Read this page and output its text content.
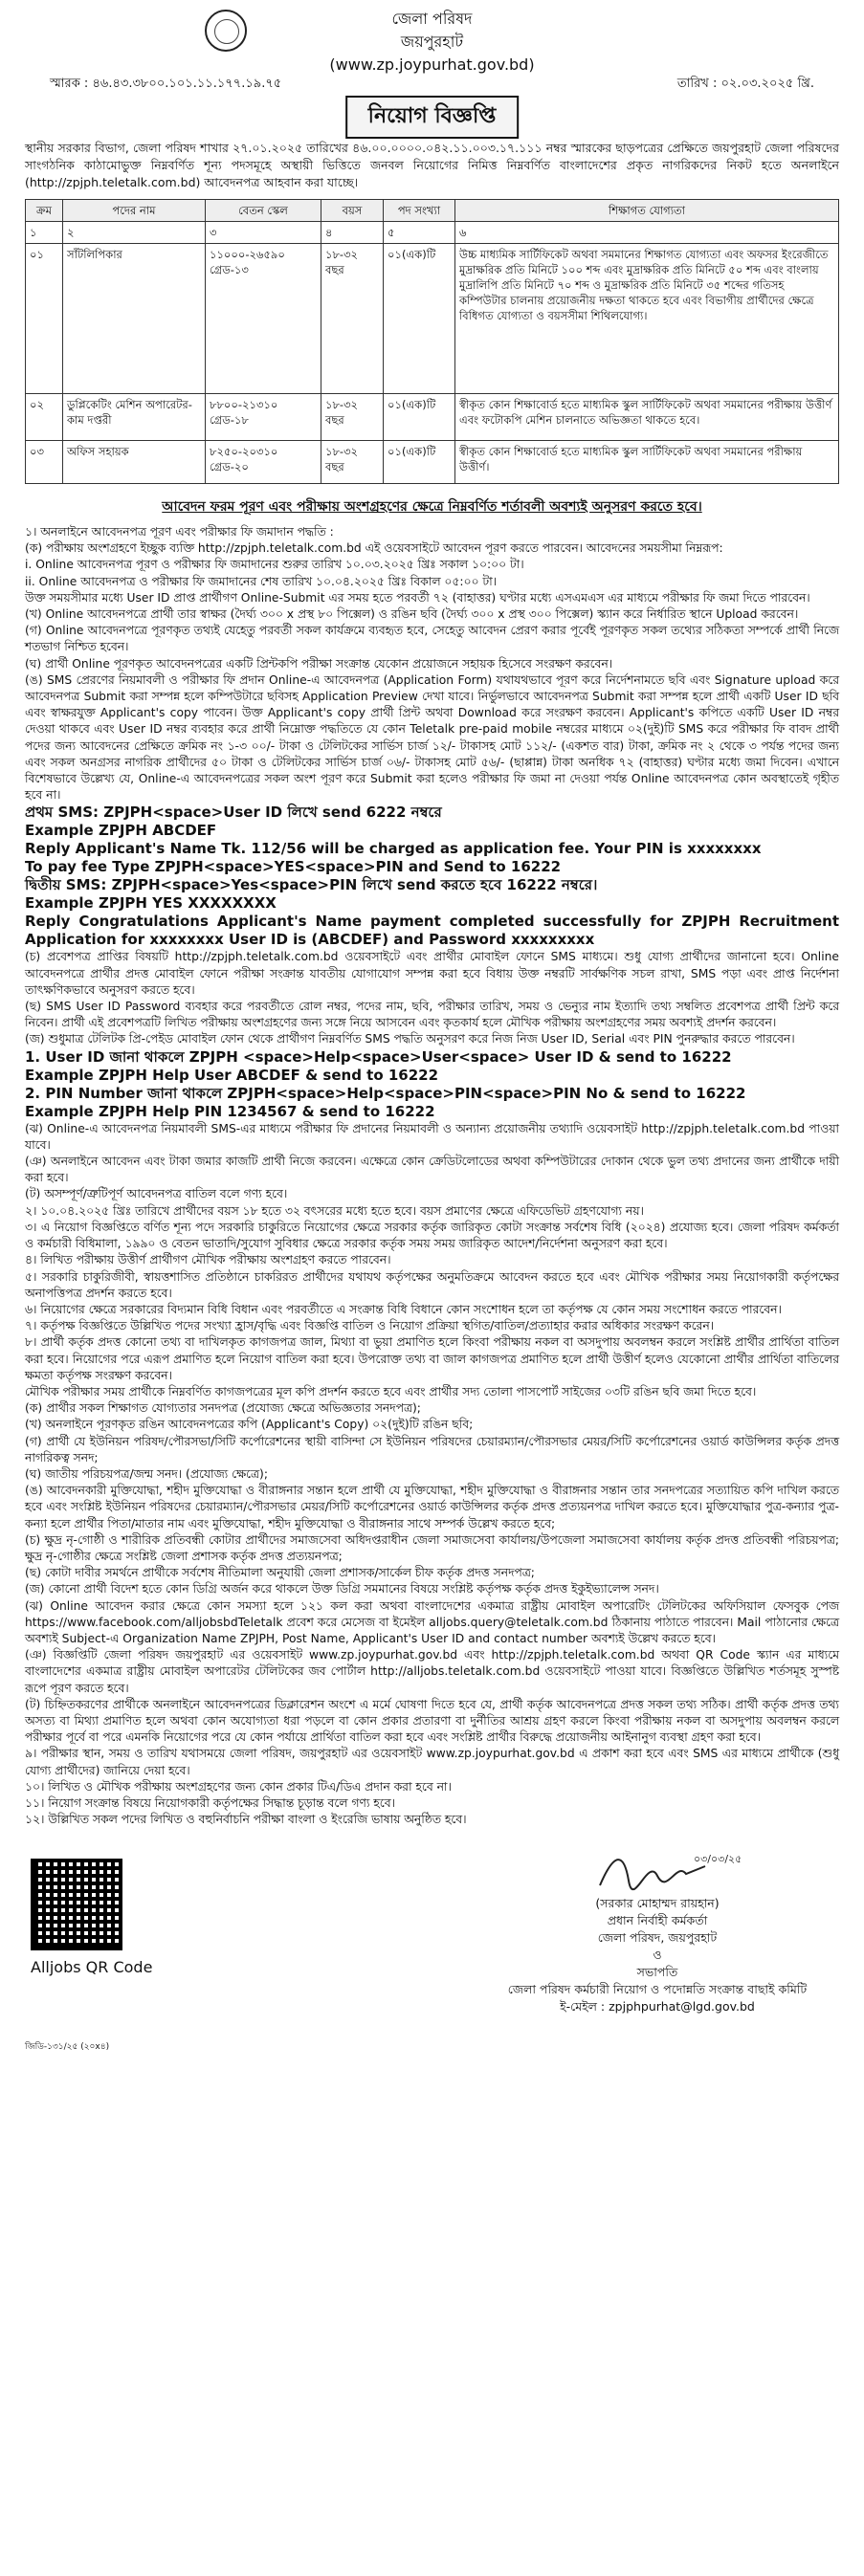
জেলা পরিষদ
জয়পুরহাট
(www.zp.joypurhat.gov.bd)
স্মারক : ৪৬.৪৩.৩৮০০.১০১.১১.১৭৭.১৯.৭৫	তারিখ : ০২.০৩.২০২৫ খ্রি.
নিয়োগ বিজ্ঞপ্তি

স্থানীয় সরকার বিভাগ, জেলা পরিষদ শাখার ২৭.০১.২০২৫ তারিখের ৪৬.০০.০০০০.০৪২.১১.০০৩.১৭.১১১ নম্বর স্মারকের ছাড়পত্রের প্রেক্ষিতে জয়পুরহাট জেলা পরিষদের সাংগঠনিক কাঠামোভুক্ত নিম্নবর্ণিত শূন্য পদসমূহে অস্থায়ী ভিত্তিতে জনবল নিয়োগের নিমিত্ত নিম্নবর্ণিত বাংলাদেশের প্রকৃত নাগরিকদের নিকট হতে অনলাইনে (http://zpjph.teletalk.com.bd) আবেদনপত্র আহবান করা যাচ্ছে।

ক্রম	পদের নাম	বেতন স্কেল	বয়স	পদ সংখ্যা	শিক্ষাগত যোগ্যতা
১	২	৩	৪	৫	৬
০১	সাঁটলিপিকার	১১০০০-২৬৫৯০ গ্রেড-১৩	১৮-৩২ বছর	০১(এক)টি	উচ্চ মাধ্যমিক সার্টিফিকেট অথবা সমমানের শিক্ষাগত যোগ্যতা এবং অফসর ইংরেজীতে মুদ্রাক্ষরিক প্রতি মিনিটে ১০০ শব্দ এবং মুদ্রাক্ষরিক প্রতি মিনিটে ৫০ শব্দ এবং বাংলায় মুদ্রালিপি প্রতি মিনিটে ৭০ শব্দ ও মুদ্রাক্ষরিক প্রতি মিনিটে ৩৫ শব্দের গতিসহ কম্পিউটার চালনায় প্রয়োজনীয় দক্ষতা থাকতে হবে এবং বিভাগীয় প্রার্থীদের ক্ষেত্রে বিধিগত যোগ্যতা ও বয়সসীমা শিথিলযোগ্য।
০২	ডুপ্লিকেটিং মেশিন অপারেটর-কাম দপ্তরী	৮৮০০-২১৩১০ গ্রেড-১৮	১৮-৩২ বছর	০১(এক)টি	স্বীকৃত কোন শিক্ষাবোর্ড হতে মাধ্যমিক স্কুল সার্টিফিকেট অথবা সমমানের পরীক্ষায় উত্তীর্ণ এবং ফটোকপি মেশিন চালনাতে অভিজ্ঞতা থাকতে হবে।
০৩	অফিস সহায়ক	৮২৫০-২০৩১০ গ্রেড-২০	১৮-৩২ বছর	০১(এক)টি	স্বীকৃত কোন শিক্ষাবোর্ড হতে মাধ্যমিক স্কুল সার্টিফিকেট অথবা সমমানের পরীক্ষায় উত্তীর্ণ।
আবেদন ফরম পূরণ এবং পরীক্ষায় অংশগ্রহণের ক্ষেত্রে নিম্নবর্ণিত শর্তাবলী অবশ্যই অনুসরণ করতে হবে।

১। অনলাইনে আবেদনপত্র পূরণ এবং পরীক্ষার ফি জমাদান পদ্ধতি :

(ক) পরীক্ষায় অংশগ্রহণে ইচ্ছুক ব্যক্তি http://zpjph.teletalk.com.bd এই ওয়েবসাইটে আবেদন পূরণ করতে পারবেন। আবেদনের সময়সীমা নিম্নরূপ:

i. Online আবেদনপত্র পূরণ ও পরীক্ষার ফি জমাদানের শুরুর তারিখ ১০.০৩.২০২৫ খ্রিঃ সকাল ১০:০০ টা।

ii. Online আবেদনপত্র ও পরীক্ষার ফি জমাদানের শেষ তারিখ ১০.০৪.২০২৫ খ্রিঃ বিকাল ০৫:০০ টা।

উক্ত সময়সীমার মধ্যে User ID প্রাপ্ত প্রার্থীগণ Online-Submit এর সময় হতে পরবর্তী ৭২ (বাহাত্তর) ঘণ্টার মধ্যে এসএমএস এর মাধ্যমে পরীক্ষার ফি জমা দিতে পারবেন।

(খ) Online আবেদনপত্রে প্রার্থী তার স্বাক্ষর (দৈর্ঘ্য ৩০০ x প্রস্থ ৮০ পিক্সেল) ও রঙিন ছবি (দৈর্ঘ্য ৩০০ x প্রস্থ ৩০০ পিক্সেল) স্ক্যান করে নির্ধারিত স্থানে Upload করবেন।

(গ) Online আবেদনপত্রে পূরণকৃত তথ্যই যেহেতু পরবর্তী সকল কার্যক্রমে ব্যবহৃত হবে, সেহেতু আবেদন প্রেরণ করার পূর্বেই পূরণকৃত সকল তথ্যের সঠিকতা সম্পর্কে প্রার্থী নিজে শতভাগ নিশ্চিত হবেন।

(ঘ) প্রার্থী Online পূরণকৃত আবেদনপত্রের একটি প্রিন্টকপি পরীক্ষা সংক্রান্ত যেকোন প্রয়োজনে সহায়ক হিসেবে সংরক্ষণ করবেন।

(ঙ) SMS প্রেরণের নিয়মাবলী ও পরীক্ষার ফি প্রদান Online-এ আবেদনপত্র (Application Form) যথাযথভাবে পূরণ করে নির্দেশনামতে ছবি এবং Signature upload করে আবেদনপত্র Submit করা সম্পন্ন হলে কম্পিউটারে ছবিসহ Application Preview দেখা যাবে। নির্ভুলভাবে আবেদনপত্র Submit করা সম্পন্ন হলে প্রার্থী একটি User ID ছবি এবং স্বাক্ষরযুক্ত Applicant's copy পাবেন। উক্ত Applicant's copy প্রার্থী প্রিন্ট অথবা Download করে সংরক্ষণ করবেন। Applicant's কপিতে একটি User ID নম্বর দেওয়া থাকবে এবং User ID নম্বর ব্যবহার করে প্রার্থী নিম্নোক্ত পদ্ধতিতে যে কোন Teletalk pre-paid mobile নম্বরের মাধ্যমে ০২(দুই)টি SMS করে পরীক্ষার ফি বাবদ প্রার্থী পদের জন্য আবেদনের প্রেক্ষিতে ক্রমিক নং ১-৩ ০০/- টাকা ও টেলিটকের সার্ভিস চার্জ ১২/- টাকাসহ মোট ১১২/- (একশত বার) টাকা, ক্রমিক নং ২ থেকে ৩ পর্যন্ত পদের জন্য এবং সকল অনগ্রসর নাগরিক প্রার্থীদের ৫০ টাকা ও টেলিটকের সার্ভিস চার্জ ০৬/- টাকাসহ মোট ৫৬/- (ছাপ্পান্ন) টাকা অনধিক ৭২ (বাহাত্তর) ঘণ্টার মধ্যে জমা দিবেন। এখানে বিশেষভাবে উল্লেখ্য যে, Online-এ আবেদনপত্রের সকল অংশ পূরণ করে Submit করা হলেও পরীক্ষার ফি জমা না দেওয়া পর্যন্ত Online আবেদনপত্র কোন অবস্থাতেই গৃহীত হবে না।

প্রথম SMS: ZPJPH<space>User ID লিখে send 6222 নম্বরে

Example ZPJPH ABCDEF

Reply Applicant's Name Tk. 112/56 will be charged as application fee. Your PIN is xxxxxxxx

To pay fee Type ZPJPH<space>YES<space>PIN and Send to 16222

দ্বিতীয় SMS: ZPJPH<space>Yes<space>PIN লিখে send করতে হবে 16222 নম্বরে।

Example ZPJPH YES XXXXXXXX

Reply Congratulations Applicant's Name payment completed successfully for ZPJPH Recruitment Application for xxxxxxxx User ID is (ABCDEF) and Password xxxxxxxxx

(চ) প্রবেশপত্র প্রাপ্তির বিষয়টি http://zpjph.teletalk.com.bd ওয়েবসাইটে এবং প্রার্থীর মোবাইল ফোনে SMS মাধ্যমে। শুধু যোগ্য প্রার্থীদের জানানো হবে। Online আবেদনপত্রে প্রার্থীর প্রদত্ত মোবাইল ফোনে পরীক্ষা সংক্রান্ত যাবতীয় যোগাযোগ সম্পন্ন করা হবে বিধায় উক্ত নম্বরটি সার্বক্ষণিক সচল রাখা, SMS পড়া এবং প্রাপ্ত নির্দেশনা তাৎক্ষণিকভাবে অনুসরণ করতে হবে।

(ছ) SMS User ID Password ব্যবহার করে পরবর্তীতে রোল নম্বর, পদের নাম, ছবি, পরীক্ষার তারিখ, সময় ও ভেন্যুর নাম ইত্যাদি তথ্য সম্বলিত প্রবেশপত্র প্রার্থী প্রিন্ট করে নিবেন। প্রার্থী এই প্রবেশপত্রটি লিখিত পরীক্ষায় অংশগ্রহণের জন্য সঙ্গে নিয়ে আসবেন এবং কৃতকার্য হলে মৌখিক পরীক্ষায় অংশগ্রহণের সময় অবশ্যই প্রদর্শন করবেন।

(জ) শুধুমাত্র টেলিটক প্রি-পেইড মোবাইল ফোন থেকে প্রার্থীগণ নিম্নবর্ণিত SMS পদ্ধতি অনুসরণ করে নিজ নিজ User ID, Serial এবং PIN পুনরুদ্ধার করতে পারবেন।

1. User ID জানা থাকলে ZPJPH <space>Help<space>User<space> User ID & send to 16222

Example ZPJPH Help User ABCDEF & send to 16222

2. PIN Number জানা থাকলে ZPJPH<space>Help<space>PIN<space>PIN No & send to 16222

Example ZPJPH Help PIN 1234567 & send to 16222

(ঝ) Online-এ আবেদনপত্র নিয়মাবলী SMS-এর মাধ্যমে পরীক্ষার ফি প্রদানের নিয়মাবলী ও অন্যান্য প্রয়োজনীয় তথ্যাদি ওয়েবসাইট http://zpjph.teletalk.com.bd পাওয়া যাবে।

(ঞ) অনলাইনে আবেদন এবং টাকা জমার কাজটি প্রার্থী নিজে করবেন। এক্ষেত্রে কোন ক্রেডিটলোডের অথবা কম্পিউটারের দোকান থেকে ভুল তথ্য প্রদানের জন্য প্রার্থীকে দায়ী করা হবে।

(ট) অসম্পূর্ণ/ত্রুটিপূর্ণ আবেদনপত্র বাতিল বলে গণ্য হবে।

২। ১০.০৪.২০২৫ খ্রিঃ তারিখে প্রার্থীদের বয়স ১৮ হতে ৩২ বৎসরের মধ্যে হতে হবে। বয়স প্রমাণের ক্ষেত্রে এফিডেভিট গ্রহণযোগ্য নয়।

৩। এ নিয়োগ বিজ্ঞপ্তিতে বর্ণিত শূন্য পদে সরকারি চাকুরিতে নিয়োগের ক্ষেত্রে সরকার কর্তৃক জারিকৃত কোটা সংক্রান্ত সর্বশেষ বিধি (২০২৪) প্রযোজ্য হবে। জেলা পরিষদ কর্মকর্তা ও কর্মচারী বিধিমালা, ১৯৯০ ও বেতন ভাতাদি/সুযোগ সুবিধার ক্ষেত্রে সরকার কর্তৃক সময় সময় জারিকৃত আদেশ/নির্দেশনা অনুসরণ করা হবে।

৪। লিখিত পরীক্ষায় উত্তীর্ণ প্রার্থীগণ মৌখিক পরীক্ষায় অংশগ্রহণ করতে পারবেন।

৫। সরকারি চাকুরিজীবী, স্বায়ত্তশাসিত প্রতিষ্ঠানে চাকরিরত প্রার্থীদের যথাযথ কর্তৃপক্ষের অনুমতিক্রমে আবেদন করতে হবে এবং মৌখিক পরীক্ষার সময় নিয়োগকারী কর্তৃপক্ষের অনাপত্তিপত্র প্রদর্শন করতে হবে।

৬। নিয়োগের ক্ষেত্রে সরকারের বিদ্যমান বিধি বিধান এবং পরবর্তীতে এ সংক্রান্ত বিধি বিধানে কোন সংশোধন হলে তা কর্তৃপক্ষ যে কোন সময় সংশোধন করতে পারবেন।

৭। কর্তৃপক্ষ বিজ্ঞপ্তিতে উল্লিখিত পদের সংখ্যা হ্রাস/বৃদ্ধি এবং বিজ্ঞপ্তি বাতিল ও নিয়োগ প্রক্রিয়া স্থগিত/বাতিল/প্রত্যাহার করার অধিকার সংরক্ষণ করেন।

৮। প্রার্থী কর্তৃক প্রদত্ত কোনো তথ্য বা দাখিলকৃত কাগজপত্র জাল, মিথ্যা বা ভুয়া প্রমাণিত হলে কিংবা পরীক্ষায় নকল বা অসদুপায় অবলম্বন করলে সংশ্লিষ্ট প্রার্থীর প্রার্থিতা বাতিল করা হবে। নিয়োগের পরে এরূপ প্রমাণিত হলে নিয়োগ বাতিল করা হবে। উপরোক্ত তথ্য বা জাল কাগজপত্র প্রমাণিত হলে প্রার্থী উত্তীর্ণ হলেও যেকোনো প্রার্থীর প্রার্থিতা বাতিলের ক্ষমতা কর্তৃপক্ষ সংরক্ষণ করবেন।

মৌখিক পরীক্ষার সময় প্রার্থীকে নিম্নবর্ণিত কাগজপত্রের মূল কপি প্রদর্শন করতে হবে এবং প্রার্থীর সদ্য তোলা পাসপোর্ট সাইজের ০৩টি রঙিন ছবি জমা দিতে হবে।

(ক) প্রার্থীর সকল শিক্ষাগত যোগ্যতার সনদপত্র (প্রযোজ্য ক্ষেত্রে অভিজ্ঞতার সনদপত্র);

(খ) অনলাইনে পূরণকৃত রঙিন আবেদনপত্রের কপি (Applicant's Copy) ০২(দুই)টি রঙিন ছবি;

(গ) প্রার্থী যে ইউনিয়ন পরিষদ/পৌরসভা/সিটি কর্পোরেশনের স্থায়ী বাসিন্দা সে ইউনিয়ন পরিষদের চেয়ারম্যান/পৌরসভার মেয়র/সিটি কর্পোরেশনের ওয়ার্ড কাউন্সিলর কর্তৃক প্রদত্ত নাগরিকত্ব সনদ;

(ঘ) জাতীয় পরিচয়পত্র/জন্ম সনদ। (প্রযোজ্য ক্ষেত্রে);

(ঙ) আবেদনকারী মুক্তিযোদ্ধা, শহীদ মুক্তিযোদ্ধা ও বীরাঙ্গনার সন্তান হলে প্রার্থী যে মুক্তিযোদ্ধা, শহীদ মুক্তিযোদ্ধা ও বীরাঙ্গনার সন্তান তার সনদপত্রের সত্যায়িত কপি দাখিল করতে হবে এবং সংশ্লিষ্ট ইউনিয়ন পরিষদের চেয়ারম্যান/পৌরসভার মেয়র/সিটি কর্পোরেশনের ওয়ার্ড কাউন্সিলর কর্তৃক প্রদত্ত প্রত্যয়নপত্র দাখিল করতে হবে। মুক্তিযোদ্ধার পুত্র-কন্যার পুত্র-কন্যা হলে প্রার্থীর পিতা/মাতার নাম এবং মুক্তিযোদ্ধা, শহীদ মুক্তিযোদ্ধা ও বীরাঙ্গনার সাথে সম্পর্ক উল্লেখ করতে হবে;

(চ) ক্ষুদ্র নৃ-গোষ্ঠী ও শারীরিক প্রতিবন্ধী কোটার প্রার্থীদের সমাজসেবা অধিদপ্তরাধীন জেলা সমাজসেবা কার্যালয়/উপজেলা সমাজসেবা কার্যালয় কর্তৃক প্রদত্ত প্রতিবন্ধী পরিচয়পত্র; ক্ষুদ্র নৃ-গোষ্ঠীর ক্ষেত্রে সংশ্লিষ্ট জেলা প্রশাসক কর্তৃক প্রদত্ত প্রত্যয়নপত্র;

(ছ) কোটা দাবীর সমর্থনে প্রার্থীকে সর্বশেষ নীতিমালা অনুযায়ী জেলা প্রশাসক/সার্কেল চীফ কর্তৃক প্রদত্ত সনদপত্র;

(জ) কোনো প্রার্থী বিদেশ হতে কোন ডিগ্রি অর্জন করে থাকলে উক্ত ডিগ্রি সমমানের বিষয়ে সংশ্লিষ্ট কর্তৃপক্ষ কর্তৃক প্রদত্ত ইকুইভ্যালেন্স সনদ।

(ঝ) Online আবেদন করার ক্ষেত্রে কোন সমস্যা হলে ১২১ কল করা অথবা বাংলাদেশের একমাত্র রাষ্ট্রীয় মোবাইল অপারেটিং টেলিটকের অফিসিয়াল ফেসবুক পেজ https://www.facebook.com/alljobsbdTeletalk প্রবেশ করে মেসেজ বা ইমেইল alljobs.query@teletalk.com.bd ঠিকানায় পাঠাতে পারবেন। Mail পাঠানোর ক্ষেত্রে অবশ্যই Subject-এ Organization Name ZPJPH, Post Name, Applicant's User ID and contact number অবশ্যই উল্লেখ করতে হবে।

(ঞ) বিজ্ঞপ্তিটি জেলা পরিষদ জয়পুরহাট এর ওয়েবসাইট www.zp.joypurhat.gov.bd এবং http://zpjph.teletalk.com.bd অথবা QR Code স্ক্যান এর মাধ্যমে বাংলাদেশের একমাত্র রাষ্ট্রীয় মোবাইল অপারেটর টেলিটকের জব পোর্টাল http://alljobs.teletalk.com.bd ওয়েবসাইটে পাওয়া যাবে। বিজ্ঞপ্তিতে উল্লিখিত শর্তসমূহ সুস্পষ্ট রূপে পূরণ করতে হবে।

(ট) চিহ্নিতকরণের প্রার্থীকে অনলাইনে আবেদনপত্রের ডিক্লারেশন অংশে এ মর্মে ঘোষণা দিতে হবে যে, প্রার্থী কর্তৃক আবেদনপত্রে প্রদত্ত সকল তথ্য সঠিক। প্রার্থী কর্তৃক প্রদত্ত তথ্য অসত্য বা মিথ্যা প্রমাণিত হলে অথবা কোন অযোগ্যতা ধরা পড়লে বা কোন প্রকার প্রতারণা বা দুর্নীতির আশ্রয় গ্রহণ করলে কিংবা পরীক্ষায় নকল বা অসদুপায় অবলম্বন করলে পরীক্ষার পূর্বে বা পরে এমনকি নিয়োগের পরে যে কোন পর্যায়ে প্রার্থিতা বাতিল করা হবে এবং সংশ্লিষ্ট প্রার্থীর বিরুদ্ধে প্রয়োজনীয় আইনানুগ ব্যবস্থা গ্রহণ করা হবে।

৯। পরীক্ষার স্থান, সময় ও তারিখ যথাসময়ে জেলা পরিষদ, জয়পুরহাট এর ওয়েবসাইট www.zp.joypurhat.gov.bd এ প্রকাশ করা হবে এবং SMS এর মাধ্যমে প্রার্থীকে (শুধু যোগ্য প্রার্থীদের) জানিয়ে দেয়া হবে।

১০। লিখিত ও মৌখিক পরীক্ষায় অংশগ্রহণের জন্য কোন প্রকার টিএ/ডিএ প্রদান করা হবে না।

১১। নিয়োগ সংক্রান্ত বিষয়ে নিয়োগকারী কর্তৃপক্ষের সিদ্ধান্ত চূড়ান্ত বলে গণ্য হবে।

১২। উল্লিখিত সকল পদের লিখিত ও বহুনির্বাচনি পরীক্ষা বাংলা ও ইংরেজি ভাষায় অনুষ্ঠিত হবে।

Alljobs QR Code
০৩/০৩/২৫
(সরকার মোহাম্মদ রায়হান)
প্রধান নির্বাহী কর্মকর্তা
জেলা পরিষদ, জয়পুরহাট
ও
সভাপতি
জেলা পরিষদ কর্মচারী নিয়োগ ও পদোন্নতি সংক্রান্ত বাছাই কমিটি
ই-মেইল : zpjphpurhat@lgd.gov.bd
জিডি-১৩১/২৫ (২০x৪)
